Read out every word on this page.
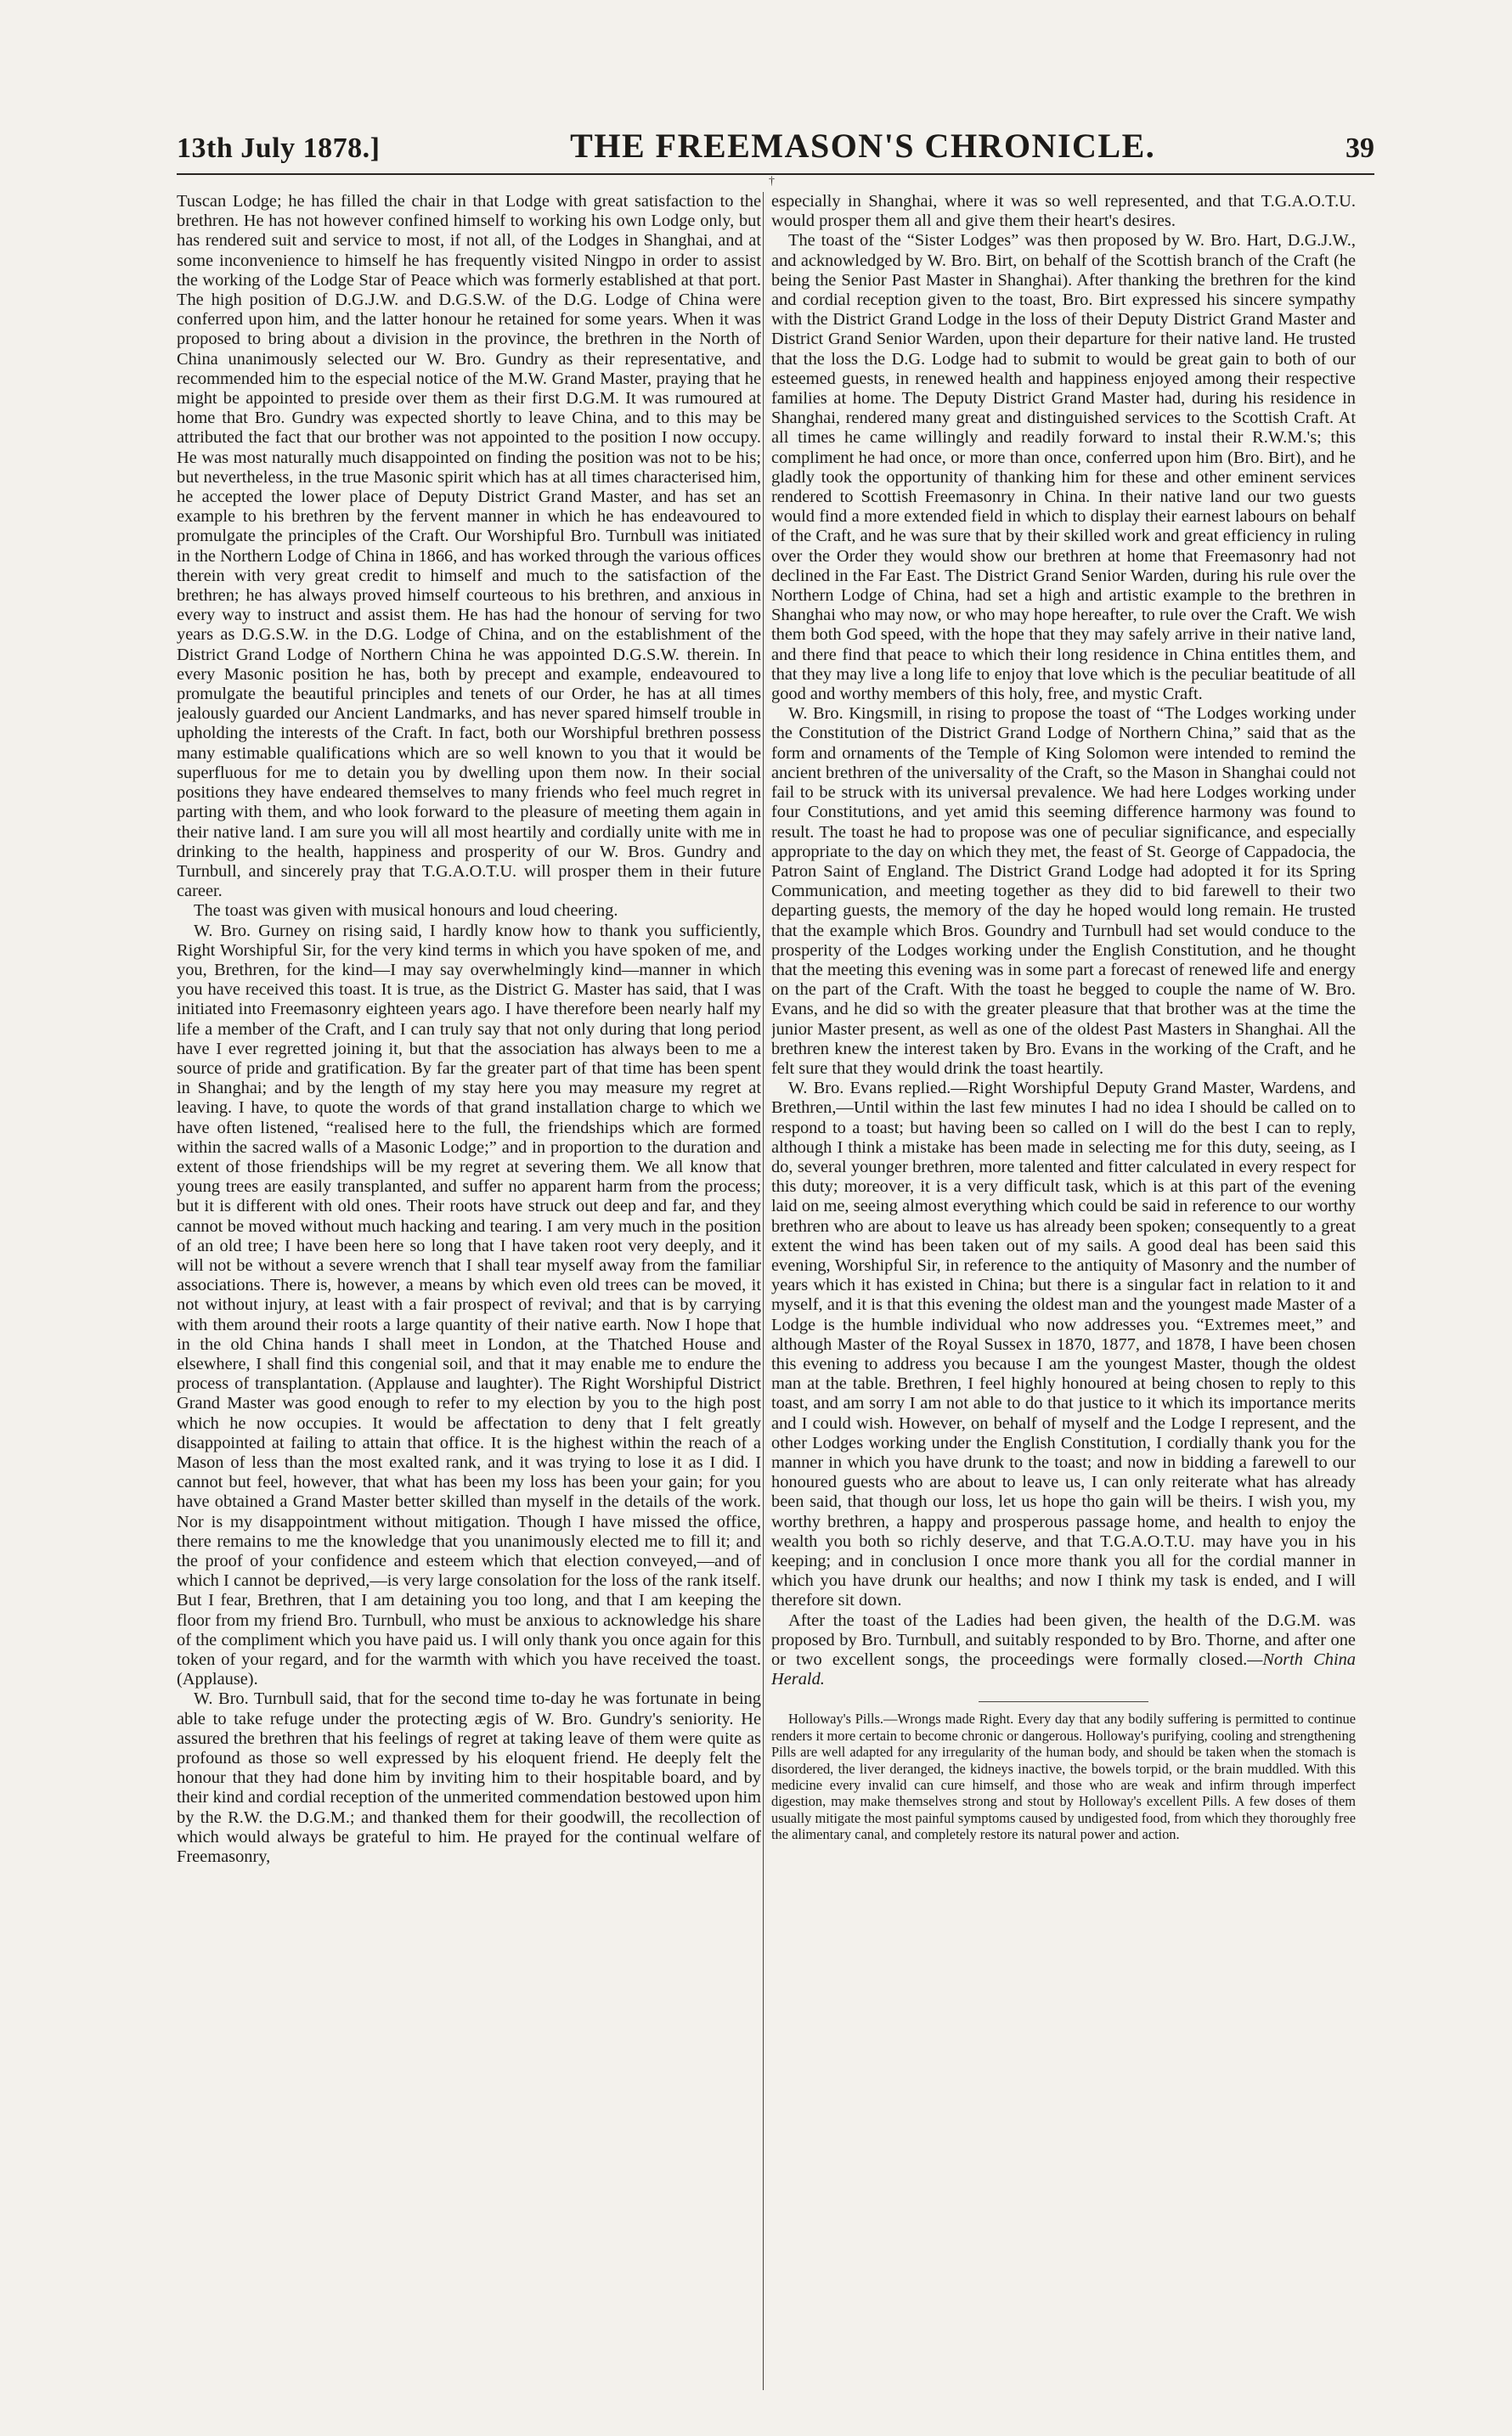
13th July 1878.]	THE FREEMASON'S CHRONICLE.	39
†

Tuscan Lodge; he has filled the chair in that Lodge with great satisfaction to the brethren. He has not however confined himself to working his own Lodge only, but has rendered suit and service to most, if not all, of the Lodges in Shanghai, and at some inconvenience to himself he has frequently visited Ningpo in order to assist the working of the Lodge Star of Peace which was formerly established at that port. The high position of D.G.J.W. and D.G.S.W. of the D.G. Lodge of China were conferred upon him, and the latter honour he retained for some years. When it was proposed to bring about a division in the province, the brethren in the North of China unanimously selected our W. Bro. Gundry as their representative, and recommended him to the especial notice of the M.W. Grand Master, praying that he might be appointed to preside over them as their first D.G.M. It was rumoured at home that Bro. Gundry was expected shortly to leave China, and to this may be attributed the fact that our brother was not appointed to the position I now occupy. He was most naturally much disappointed on finding the position was not to be his; but nevertheless, in the true Masonic spirit which has at all times characterised him, he accepted the lower place of Deputy District Grand Master, and has set an example to his brethren by the fervent manner in which he has endeavoured to promulgate the principles of the Craft. Our Worshipful Bro. Turnbull was initiated in the Northern Lodge of China in 1866, and has worked through the various offices therein with very great credit to himself and much to the satisfaction of the brethren; he has always proved himself courteous to his brethren, and anxious in every way to instruct and assist them. He has had the honour of serving for two years as D.G.S.W. in the D.G. Lodge of China, and on the establishment of the District Grand Lodge of Northern China he was appointed D.G.S.W. therein. In every Masonic position he has, both by precept and example, endeavoured to promulgate the beautiful principles and tenets of our Order, he has at all times jealously guarded our Ancient Landmarks, and has never spared himself trouble in upholding the interests of the Craft. In fact, both our Worshipful brethren possess many estimable qualifications which are so well known to you that it would be superfluous for me to detain you by dwelling upon them now. In their social positions they have endeared themselves to many friends who feel much regret in parting with them, and who look forward to the pleasure of meeting them again in their native land. I am sure you will all most heartily and cordially unite with me in drinking to the health, happiness and prosperity of our W. Bros. Gundry and Turnbull, and sincerely pray that T.G.A.O.T.U. will prosper them in their future career.

The toast was given with musical honours and loud cheering.

W. Bro. Gurney on rising said, I hardly know how to thank you sufficiently, Right Worshipful Sir, for the very kind terms in which you have spoken of me, and you, Brethren, for the kind—I may say overwhelmingly kind—manner in which you have received this toast. It is true, as the District G. Master has said, that I was initiated into Freemasonry eighteen years ago. I have therefore been nearly half my life a member of the Craft, and I can truly say that not only during that long period have I ever regretted joining it, but that the association has always been to me a source of pride and gratification. By far the greater part of that time has been spent in Shanghai; and by the length of my stay here you may measure my regret at leaving. I have, to quote the words of that grand installation charge to which we have often listened, “realised here to the full, the friendships which are formed within the sacred walls of a Masonic Lodge;” and in proportion to the duration and extent of those friendships will be my regret at severing them. We all know that young trees are easily transplanted, and suffer no apparent harm from the process; but it is different with old ones. Their roots have struck out deep and far, and they cannot be moved without much hacking and tearing. I am very much in the position of an old tree; I have been here so long that I have taken root very deeply, and it will not be without a severe wrench that I shall tear myself away from the familiar associations. There is, however, a means by which even old trees can be moved, it not without injury, at least with a fair prospect of revival; and that is by carrying with them around their roots a large quantity of their native earth. Now I hope that in the old China hands I shall meet in London, at the Thatched House and elsewhere, I shall find this congenial soil, and that it may enable me to endure the process of transplantation. (Applause and laughter). The Right Worshipful District Grand Master was good enough to refer to my election by you to the high post which he now occupies. It would be affectation to deny that I felt greatly disappointed at failing to attain that office. It is the highest within the reach of a Mason of less than the most exalted rank, and it was trying to lose it as I did. I cannot but feel, however, that what has been my loss has been your gain; for you have obtained a Grand Master better skilled than myself in the details of the work. Nor is my disappointment without mitigation. Though I have missed the office, there remains to me the knowledge that you unanimously elected me to fill it; and the proof of your confidence and esteem which that election conveyed,—and of which I cannot be deprived,—is very large consolation for the loss of the rank itself. But I fear, Brethren, that I am detaining you too long, and that I am keeping the floor from my friend Bro. Turnbull, who must be anxious to acknowledge his share of the compliment which you have paid us. I will only thank you once again for this token of your regard, and for the warmth with which you have received the toast. (Applause).

W. Bro. Turnbull said, that for the second time to-day he was fortunate in being able to take refuge under the protecting ægis of W. Bro. Gundry's seniority. He assured the brethren that his feelings of regret at taking leave of them were quite as profound as those so well expressed by his eloquent friend. He deeply felt the honour that they had done him by inviting him to their hospitable board, and by their kind and cordial reception of the unmerited commendation bestowed upon him by the R.W. the D.G.M.; and thanked them for their goodwill, the recollection of which would always be grateful to him. He prayed for the continual welfare of Freemasonry,

especially in Shanghai, where it was so well represented, and that T.G.A.O.T.U. would prosper them all and give them their heart's desires.

The toast of the “Sister Lodges” was then proposed by W. Bro. Hart, D.G.J.W., and acknowledged by W. Bro. Birt, on behalf of the Scottish branch of the Craft (he being the Senior Past Master in Shanghai). After thanking the brethren for the kind and cordial reception given to the toast, Bro. Birt expressed his sincere sympathy with the District Grand Lodge in the loss of their Deputy District Grand Master and District Grand Senior Warden, upon their departure for their native land. He trusted that the loss the D.G. Lodge had to submit to would be great gain to both of our esteemed guests, in renewed health and happiness enjoyed among their respective families at home. The Deputy District Grand Master had, during his residence in Shanghai, rendered many great and distinguished services to the Scottish Craft. At all times he came willingly and readily forward to instal their R.W.M.'s; this compliment he had once, or more than once, conferred upon him (Bro. Birt), and he gladly took the opportunity of thanking him for these and other eminent services rendered to Scottish Freemasonry in China. In their native land our two guests would find a more extended field in which to display their earnest labours on behalf of the Craft, and he was sure that by their skilled work and great efficiency in ruling over the Order they would show our brethren at home that Freemasonry had not declined in the Far East. The District Grand Senior Warden, during his rule over the Northern Lodge of China, had set a high and artistic example to the brethren in Shanghai who may now, or who may hope hereafter, to rule over the Craft. We wish them both God speed, with the hope that they may safely arrive in their native land, and there find that peace to which their long residence in China entitles them, and that they may live a long life to enjoy that love which is the peculiar beatitude of all good and worthy members of this holy, free, and mystic Craft.

W. Bro. Kingsmill, in rising to propose the toast of “The Lodges working under the Constitution of the District Grand Lodge of Northern China,” said that as the form and ornaments of the Temple of King Solomon were intended to remind the ancient brethren of the universality of the Craft, so the Mason in Shanghai could not fail to be struck with its universal prevalence. We had here Lodges working under four Constitutions, and yet amid this seeming difference harmony was found to result. The toast he had to propose was one of peculiar significance, and especially appropriate to the day on which they met, the feast of St. George of Cappadocia, the Patron Saint of England. The District Grand Lodge had adopted it for its Spring Communication, and meeting together as they did to bid farewell to their two departing guests, the memory of the day he hoped would long remain. He trusted that the example which Bros. Goundry and Turnbull had set would conduce to the prosperity of the Lodges working under the English Constitution, and he thought that the meeting this evening was in some part a forecast of renewed life and energy on the part of the Craft. With the toast he begged to couple the name of W. Bro. Evans, and he did so with the greater pleasure that that brother was at the time the junior Master present, as well as one of the oldest Past Masters in Shanghai. All the brethren knew the interest taken by Bro. Evans in the working of the Craft, and he felt sure that they would drink the toast heartily.

W. Bro. Evans replied.—Right Worshipful Deputy Grand Master, Wardens, and Brethren,—Until within the last few minutes I had no idea I should be called on to respond to a toast; but having been so called on I will do the best I can to reply, although I think a mistake has been made in selecting me for this duty, seeing, as I do, several younger brethren, more talented and fitter calculated in every respect for this duty; moreover, it is a very difficult task, which is at this part of the evening laid on me, seeing almost everything which could be said in reference to our worthy brethren who are about to leave us has already been spoken; consequently to a great extent the wind has been taken out of my sails. A good deal has been said this evening, Worshipful Sir, in reference to the antiquity of Masonry and the number of years which it has existed in China; but there is a singular fact in relation to it and myself, and it is that this evening the oldest man and the youngest made Master of a Lodge is the humble individual who now addresses you. “Extremes meet,” and although Master of the Royal Sussex in 1870, 1877, and 1878, I have been chosen this evening to address you because I am the youngest Master, though the oldest man at the table. Brethren, I feel highly honoured at being chosen to reply to this toast, and am sorry I am not able to do that justice to it which its importance merits and I could wish. However, on behalf of myself and the Lodge I represent, and the other Lodges working under the English Constitution, I cordially thank you for the manner in which you have drunk to the toast; and now in bidding a farewell to our honoured guests who are about to leave us, I can only reiterate what has already been said, that though our loss, let us hope tho gain will be theirs. I wish you, my worthy brethren, a happy and prosperous passage home, and health to enjoy the wealth you both so richly deserve, and that T.G.A.O.T.U. may have you in his keeping; and in conclusion I once more thank you all for the cordial manner in which you have drunk our healths; and now I think my task is ended, and I will therefore sit down.

After the toast of the Ladies had been given, the health of the D.G.M. was proposed by Bro. Turnbull, and suitably responded to by Bro. Thorne, and after one or two excellent songs, the proceedings were formally closed.—North China Herald.

Holloway's Pills.—Wrongs made Right. Every day that any bodily suffering is permitted to continue renders it more certain to become chronic or dangerous. Holloway's purifying, cooling and strengthening Pills are well adapted for any irregularity of the human body, and should be taken when the stomach is disordered, the liver deranged, the kidneys inactive, the bowels torpid, or the brain muddled. With this medicine every invalid can cure himself, and those who are weak and infirm through imperfect digestion, may make themselves strong and stout by Holloway's excellent Pills. A few doses of them usually mitigate the most painful symptoms caused by undigested food, from which they thoroughly free the alimentary canal, and completely restore its natural power and action.
